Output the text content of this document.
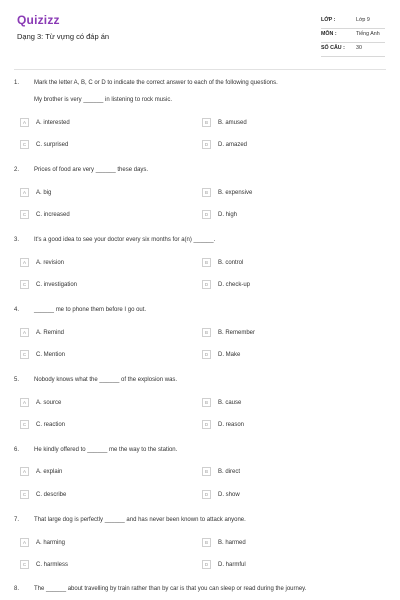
Quizizz
Dạng 3: Từ vựng có đáp án
LỚP :	Lớp 9
MÔN :	Tiếng Anh
SỐ CÂU :	30
1. Mark the letter A, B, C or D to indicate the correct answer to each of the following questions.
My brother is very ______ in listening to rock music.
A	A. interested	B	B. amused
C	C. surprised	D	D. amazed
2. Prices of food are very ______ these days.
A	A. big	B	B. expensive
C	C. increased	D	D. high
3. It's a good idea to see your doctor every six months for a(n) ______.
A	A. revision	B	B. control
C	C. investigation	D	D. check-up
4. ______ me to phone them before I go out.
A	A. Remind	B	B. Remember
C	C. Mention	D	D. Make
5. Nobody knows what the ______ of the explosion was.
A	A. source	B	B. cause
C	C. reaction	D	D. reason
6. He kindly offered to ______ me the way to the station.
A	A. explain	B	B. direct
C	C. describe	D	D. show
7. That large dog is perfectly ______ and has never been known to attack anyone.
A	A. harming	B	B. harmed
C	C. harmless	D	D. harmful
8. The ______ about travelling by train rather than by car is that you can sleep or read during the journey.
